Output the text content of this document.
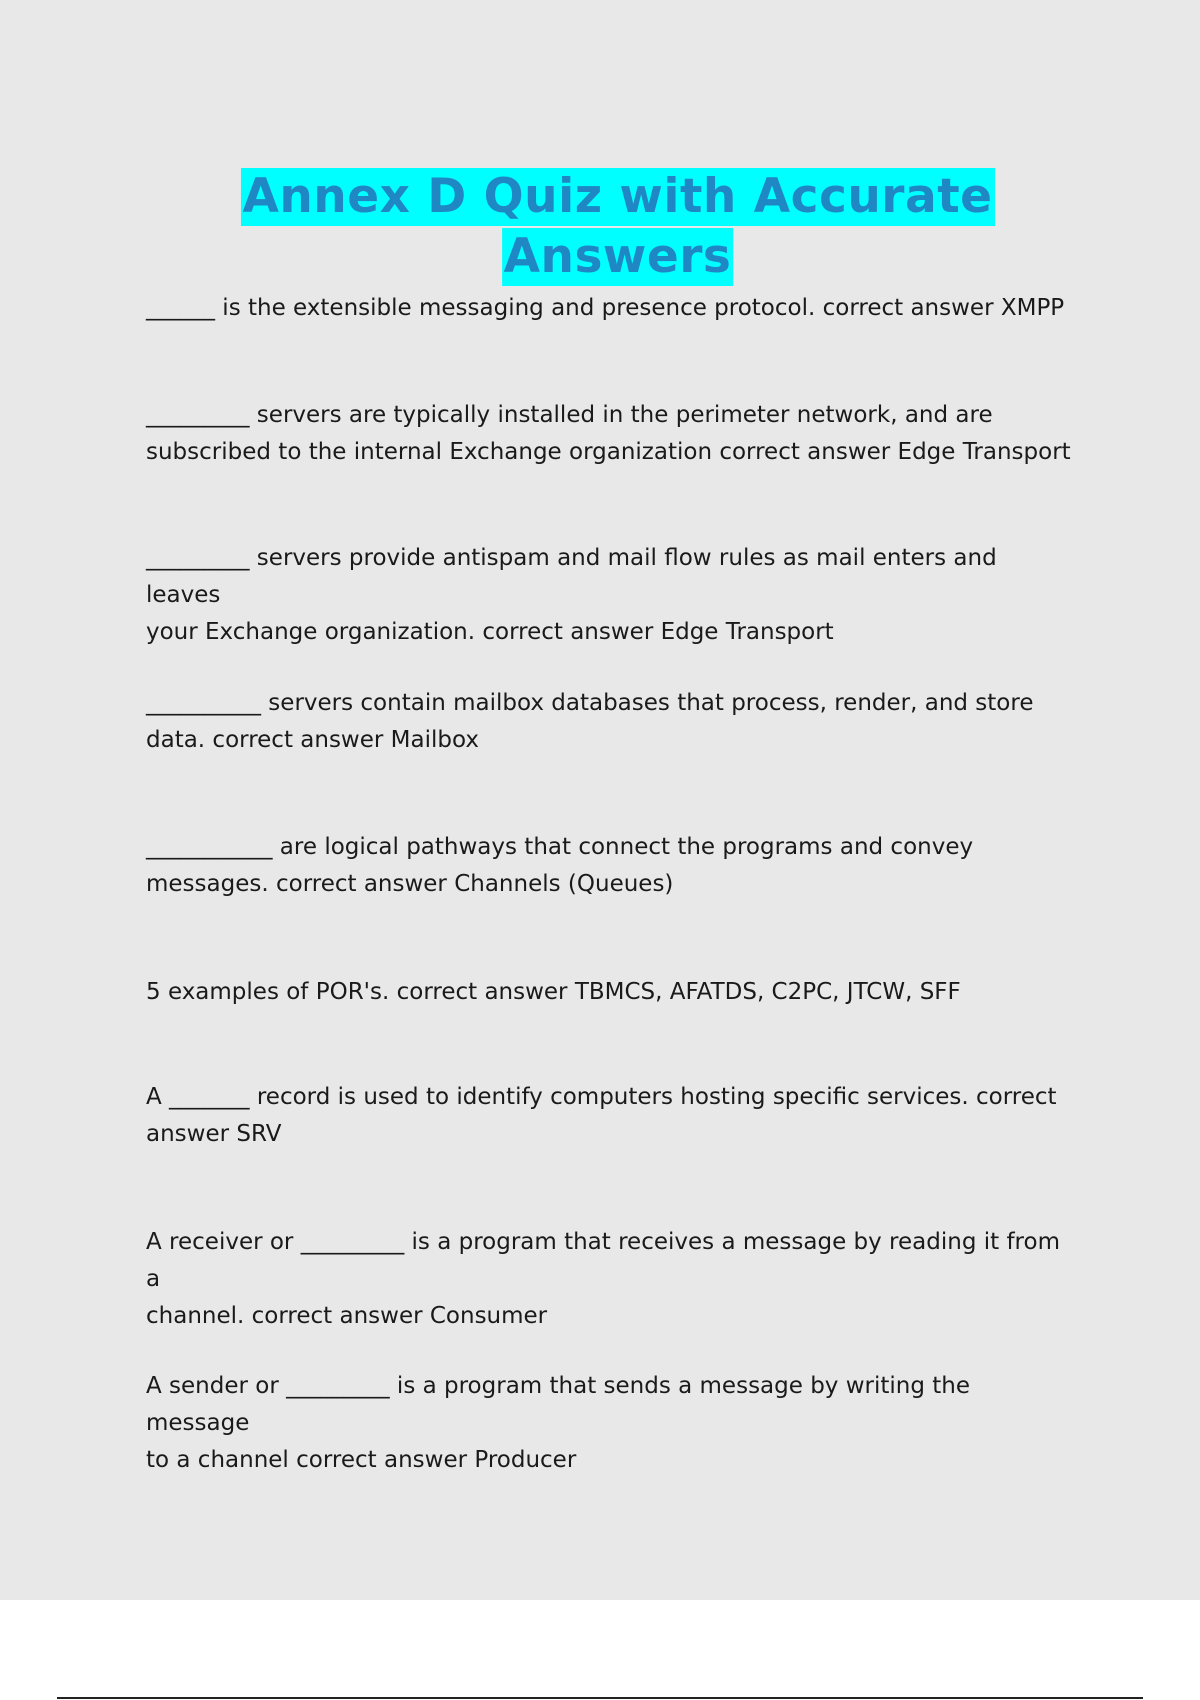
Annex D Quiz with Accurate
Answers

______ is the extensible messaging and presence protocol. correct answer XMPP

_________ servers are typically installed in the perimeter network, and are
subscribed to the internal Exchange organization correct answer Edge Transport

_________ servers provide antispam and mail flow rules as mail enters and leaves
your Exchange organization. correct answer Edge Transport

__________ servers contain mailbox databases that process, render, and store
data. correct answer Mailbox

___________ are logical pathways that connect the programs and convey
messages. correct answer Channels (Queues)

5 examples of POR's. correct answer TBMCS, AFATDS, C2PC, JTCW, SFF

A _______ record is used to identify computers hosting specific services. correct
answer SRV

A receiver or _________ is a program that receives a message by reading it from a
channel. correct answer Consumer

A sender or _________ is a program that sends a message by writing the message
to a channel correct answer Producer
